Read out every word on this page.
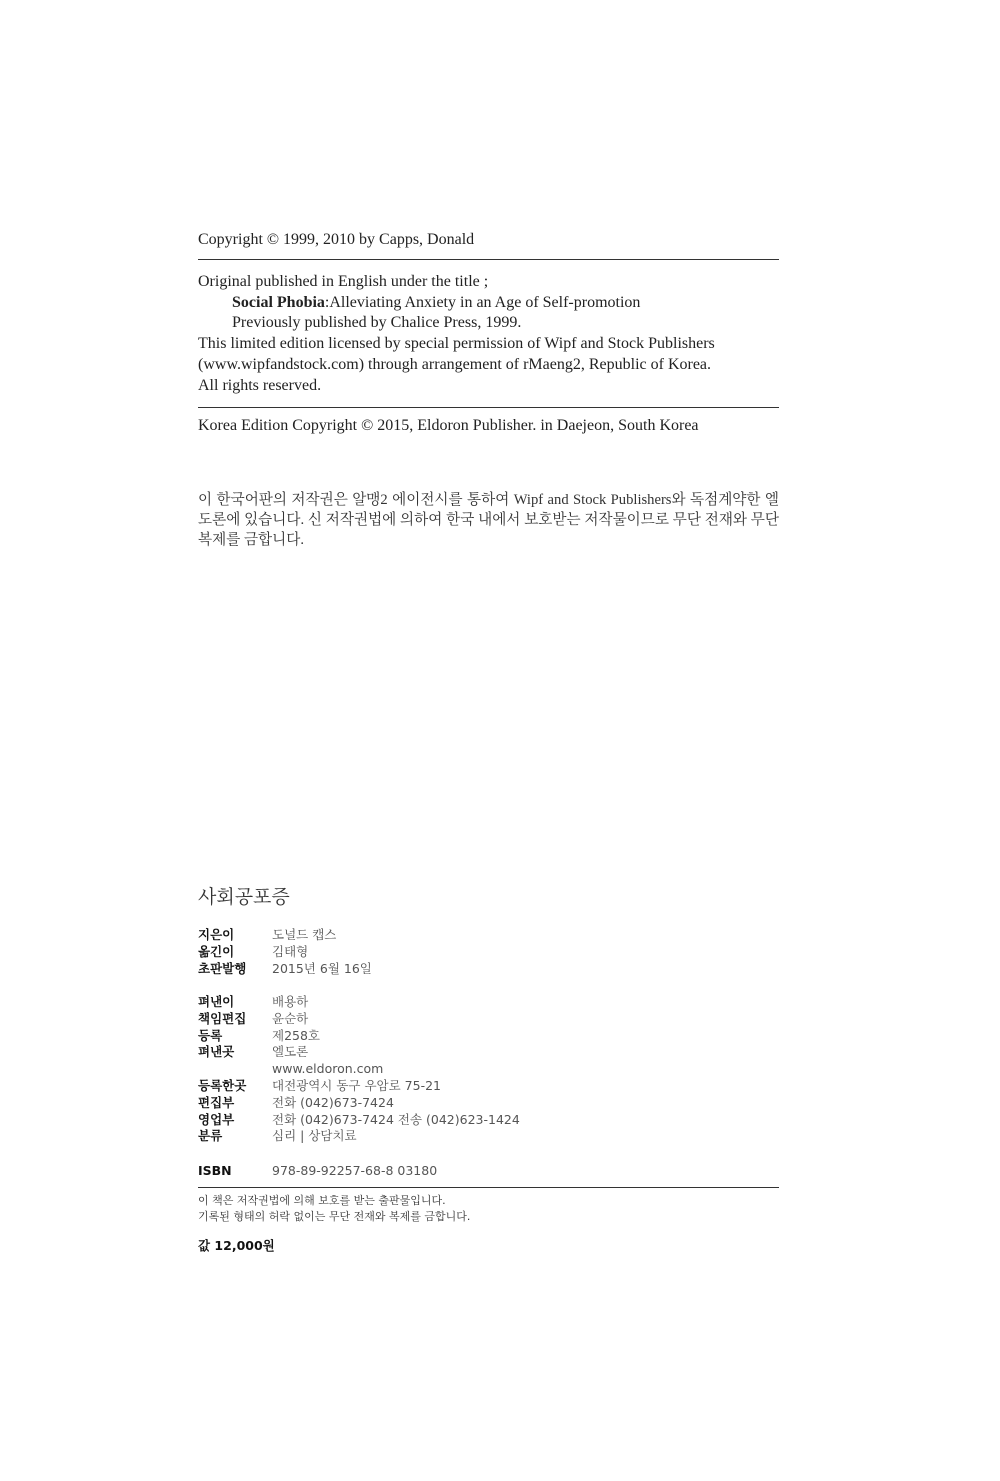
Copyright © 1999, 2010 by Capps, Donald
Original published in English under the title ;
Social Phobia:Alleviating Anxiety in an Age of Self-promotion
Previously published by Chalice Press, 1999.
This limited edition licensed by special permission of Wipf and Stock Publishers
(www.wipfandstock.com) through arrangement of rMaeng2, Republic of Korea.
All rights reserved.
Korea Edition Copyright © 2015, Eldoron Publisher. in Daejeon, South Korea
이 한국어판의 저작권은 알맹2 에이전시를 통하여 Wipf and Stock Publishers와 독점계약한 엘도론에 있습니다. 신 저작권법에 의하여 한국 내에서 보호받는 저작물이므로 무단 전재와 무단 복제를 금합니다.
사회공포증
지은이	도널드 캡스
옮긴이	김태형
초판발행	2015년 6월 16일
펴낸이	배용하
책임편집	윤순하
등록	제258호
펴낸곳	엘도론
www.eldoron.com
등록한곳	대전광역시 동구 우암로 75-21
편집부	전화 (042)673-7424
영업부	전화 (042)673-7424 전송 (042)623-1424
분류	심리 | 상담치료
ISBN	978-89-92257-68-8 03180
이 책은 저작권법에 의해 보호를 받는 출판물입니다.
기록된 형태의 허락 없이는 무단 전재와 복제를 금합니다.
값 12,000원
